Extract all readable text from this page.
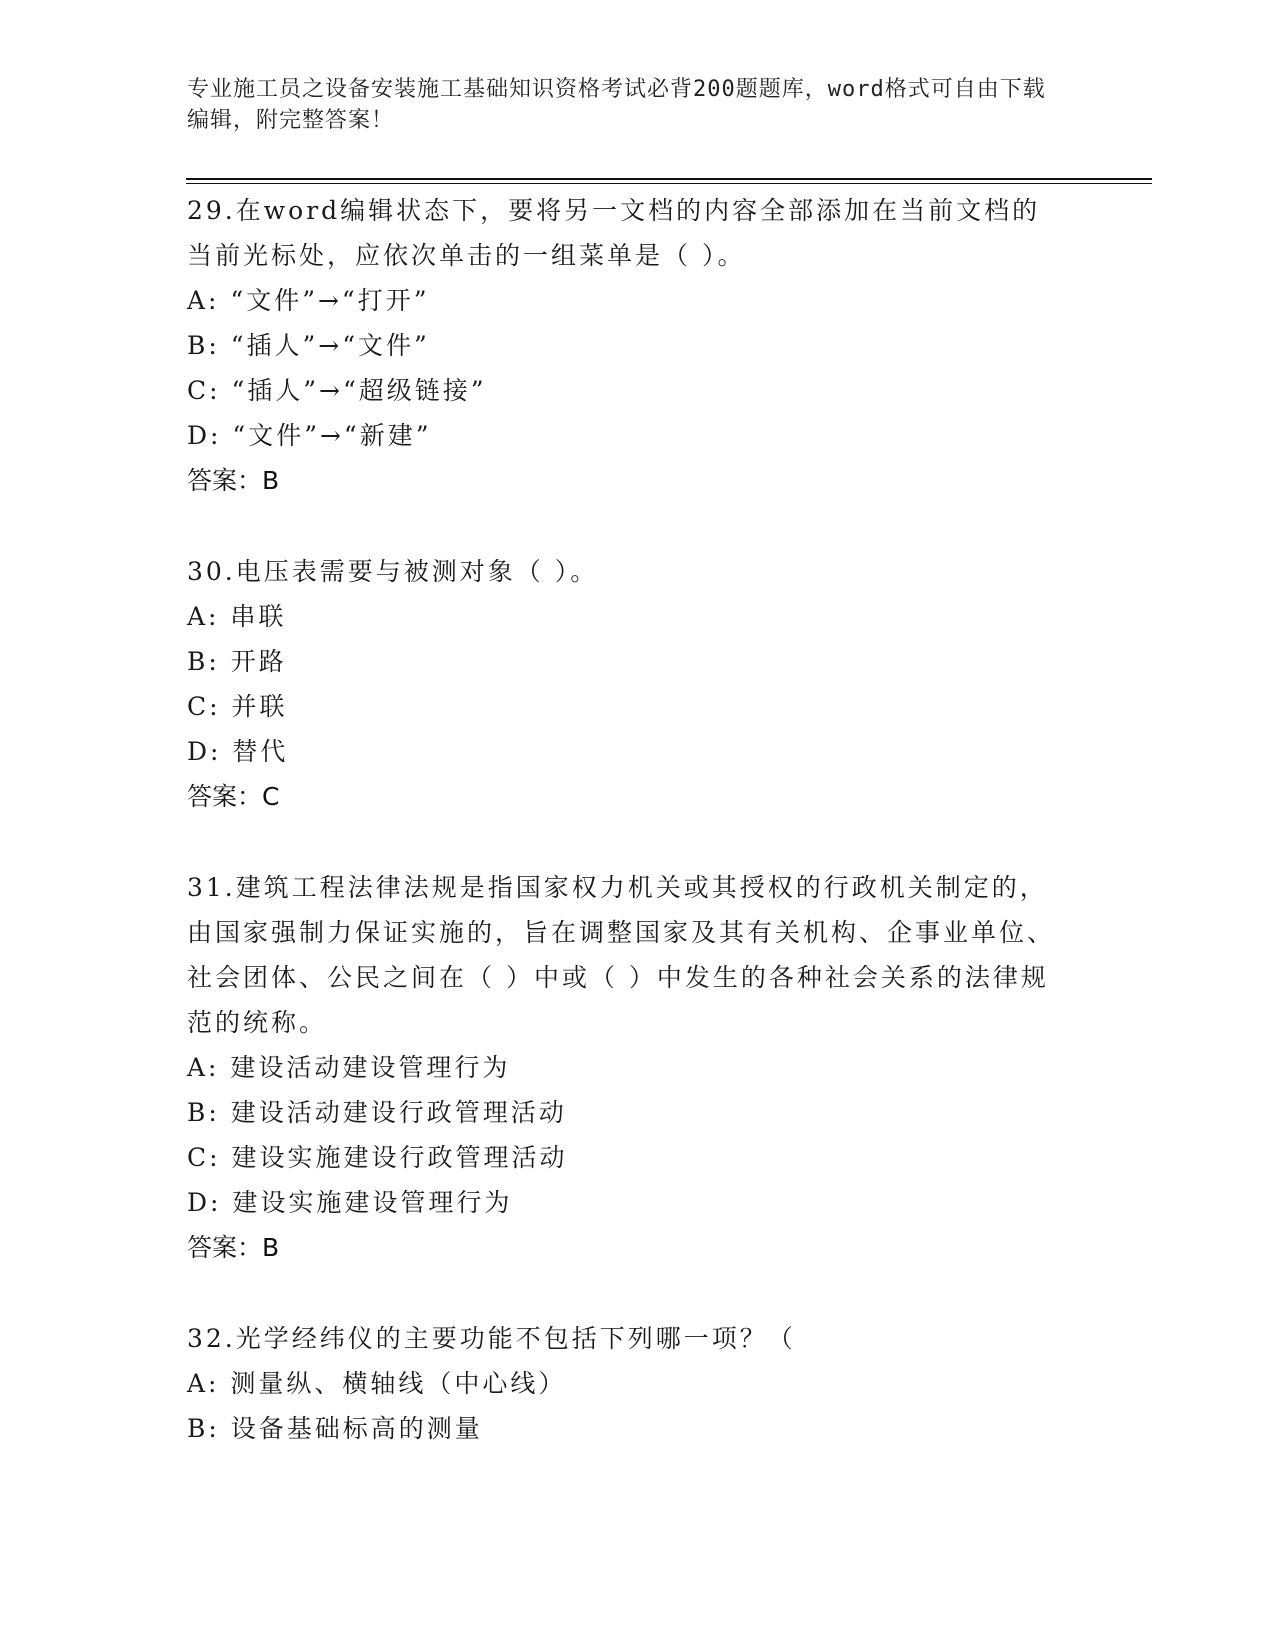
专业施工员之设备安装施工基础知识资格考试必背200题题库，word格式可自由下载编辑，附完整答案！

29.在word编辑状态下，要将另一文档的内容全部添加在当前文档的当前光标处，应依次单击的一组菜单是（ ）。

A: “文件”→“打开”

B: “插人”→“文件”

C: “插人”→“超级链接”

D: “文件”→“新建”

答案：B

30.电压表需要与被测对象（ ）。

A: 串联

B: 开路

C: 并联

D: 替代

答案：C

31.建筑工程法律法规是指国家权力机关或其授权的行政机关制定的，由国家强制力保证实施的，旨在调整国家及其有关机构、企事业单位、社会团体、公民之间在（ ）中或（ ）中发生的各种社会关系的法律规范的统称。

A: 建设活动建设管理行为

B: 建设活动建设行政管理活动

C: 建设实施建设行政管理活动

D: 建设实施建设管理行为

答案：B

32.光学经纬仪的主要功能不包括下列哪一项？（

A: 测量纵、横轴线（中心线）

B: 设备基础标高的测量
